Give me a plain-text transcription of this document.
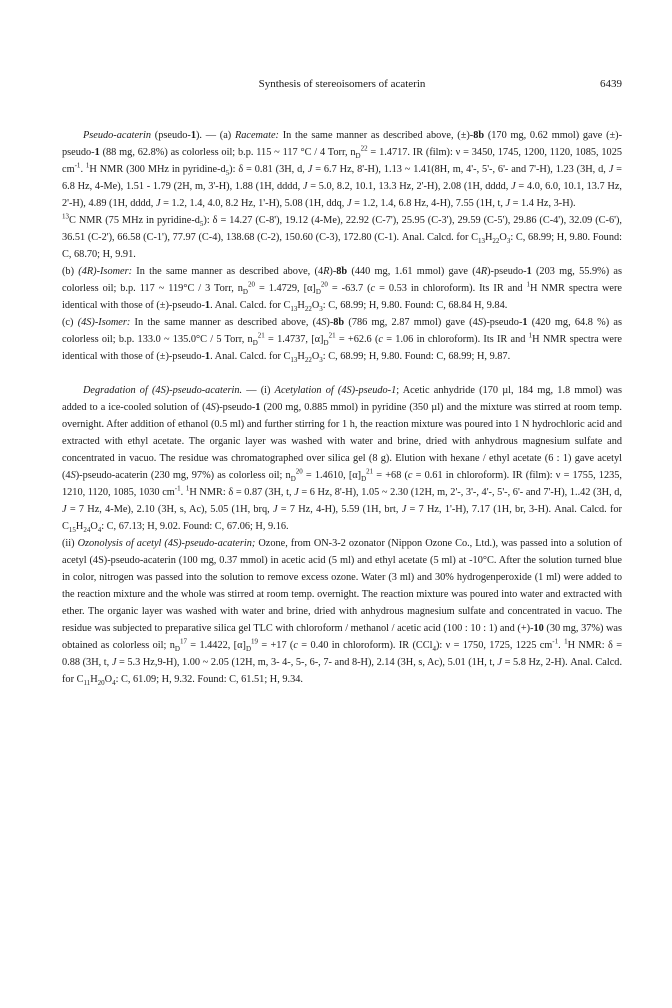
Synthesis of stereoisomers of acaterin	6439

Pseudo-acaterin (pseudo-1). — (a) Racemate: In the same manner as described above, (±)-8b (170 mg, 0.62 mmol) gave (±)-pseudo-1 (88 mg, 62.8%) as colorless oil; b.p. 115 ~ 117 °C / 4 Torr, $n_D^{22} = 1.4717$. IR (film): ν = 3450, 1745, 1200, 1120, 1085, 1025 $cm^{-1}$. $^1$H NMR (300 MHz in pyridine-$d_5$): δ = 0.81 (3H, d, J = 6.7 Hz, 8'-H), 1.13 ~ 1.41(8H, m, 4'-, 5'-, 6'- and 7'-H), 1.23 (3H, d, J = 6.8 Hz, 4-Me), 1.51 - 1.79 (2H, m, 3'-H), 1.88 (1H, dddd, J = 5.0, 8.2, 10.1, 13.3 Hz, 2'-H), 2.08 (1H, dddd, J = 4.0, 6.0, 10.1, 13.7 Hz, 2'-H), 4.89 (1H, dddd, J = 1.2, 1.4, 4.0, 8.2 Hz, 1'-H), 5.08 (1H, ddq, J = 1.2, 1.4, 6.8 Hz, 4-H), 7.55 (1H, t, J = 1.4 Hz, 3-H).

$^{13}$C NMR (75 MHz in pyridine-$d_5$): δ = 14.27 (C-8'), 19.12 (4-Me), 22.92 (C-7'), 25.95 (C-3'), 29.59 (C-5'), 29.86 (C-4'), 32.09 (C-6'), 36.51 (C-2'), 66.58 (C-1'), 77.97 (C-4), 138.68 (C-2), 150.60 (C-3), 172.80 (C-1). Anal. Calcd. for $C_{13}H_{22}O_3$: C, 68.99; H, 9.80. Found: C, 68.70; H, 9.91.

(b) (4R)-Isomer: In the same manner as described above, (4R)-8b (440 mg, 1.61 mmol) gave (4R)-pseudo-1 (203 mg, 55.9%) as colorless oil; b.p. 117 ~ 119°C / 3 Torr, $n_D^{20} = 1.4729$, $[\alpha]_D^{20} = -63.7$ (c = 0.53 in chloroform). Its IR and $^1$H NMR spectra were identical with those of (±)-pseudo-1. Anal. Calcd. for $C_{13}H_{22}O_3$: C, 68.99; H, 9.80. Found: C, 68.84 H, 9.84.

(c) (4S)-Isomer: In the same manner as described above, (4S)-8b (786 mg, 2.87 mmol) gave (4S)-pseudo-1 (420 mg, 64.8 %) as colorless oil; b.p. 133.0 ~ 135.0°C / 5 Torr, $n_D^{21} = 1.4737$, $[\alpha]_D^{21} = +62.6$ (c = 1.06 in chloroform). Its IR and $^1$H NMR spectra were identical with those of (±)-pseudo-1. Anal. Calcd. for $C_{13}H_{22}O_3$: C, 68.99; H, 9.80. Found: C, 68.99; H, 9.87.

Degradation of (4S)-pseudo-acaterin. — (i) Acetylation of (4S)-pseudo-1; Acetic anhydride (170 µl, 184 mg, 1.8 mmol) was added to a ice-cooled solution of (4S)-pseudo-1 (200 mg, 0.885 mmol) in pyridine (350 µl) and the mixture was stirred at room temp. overnight. After addition of ethanol (0.5 ml) and further stirring for 1 h, the reaction mixture was poured into 1 N hydrochloric acid and extracted with ethyl acetate. The organic layer was washed with water and brine, dried with anhydrous magnesium sulfate and concentrated in vacuo. The residue was chromatographed over silica gel (8 g). Elution with hexane / ethyl acetate (6 : 1) gave acetyl (4S)-pseudo-acaterin (230 mg, 97%) as colorless oil; $n_D^{20} = 1.4610$, $[\alpha]_D^{21} = +68$ (c = 0.61 in chloroform). IR (film): ν = 1755, 1235, 1210, 1120, 1085, 1030 $cm^{-1}$. $^1$H NMR: δ = 0.87 (3H, t, J = 6 Hz, 8'-H), 1.05 ~ 2.30 (12H, m, 2'-, 3'-, 4'-, 5'-, 6'- and 7'-H), 1..42 (3H, d, J = 7 Hz, 4-Me), 2.10 (3H, s, Ac), 5.05 (1H, brq, J = 7 Hz, 4-H), 5.59 (1H, brt, J = 7 Hz, 1'-H), 7.17 (1H, br, 3-H). Anal. Calcd. for $C_{15}H_{24}O_4$: C, 67.13; H, 9.02. Found: C, 67.06; H, 9.16.

(ii) Ozonolysis of acetyl (4S)-pseudo-acaterin; Ozone, from ON-3-2 ozonator (Nippon Ozone Co., Ltd.), was passed into a solution of acetyl (4S)-pseudo-acaterin (100 mg, 0.37 mmol) in acetic acid (5 ml) and ethyl acetate (5 ml) at -10°C. After the solution turned blue in color, nitrogen was passed into the solution to remove excess ozone. Water (3 ml) and 30% hydrogenperoxide (1 ml) were added to the reaction mixture and the whole was stirred at room temp. overnight. The reaction mixture was poured into water and extracted with ether. The organic layer was washed with water and brine, dried with anhydrous magnesium sulfate and concentrated in vacuo. The residue was subjected to preparative silica gel TLC with chloroform / methanol / acetic acid (100 : 10 : 1) and (+)-10 (30 mg, 37%) was obtained as colorless oil; $n_D^{17} = 1.4422$, $[\alpha]_D^{19} = +17$ (c = 0.40 in chloroform). IR (CCl$_4$): ν = 1750, 1725, 1225 $cm^{-1}$. $^1$H NMR: δ = 0.88 (3H, t, J = 5.3 Hz,9-H), 1.00 ~ 2.05 (12H, m, 3- 4-, 5-, 6-, 7- and 8-H), 2.14 (3H, s, Ac), 5.01 (1H, t, J = 5.8 Hz, 2-H). Anal. Calcd. for $C_{11}H_{20}O_4$: C, 61.09; H, 9.32. Found: C, 61.51; H, 9.34.
